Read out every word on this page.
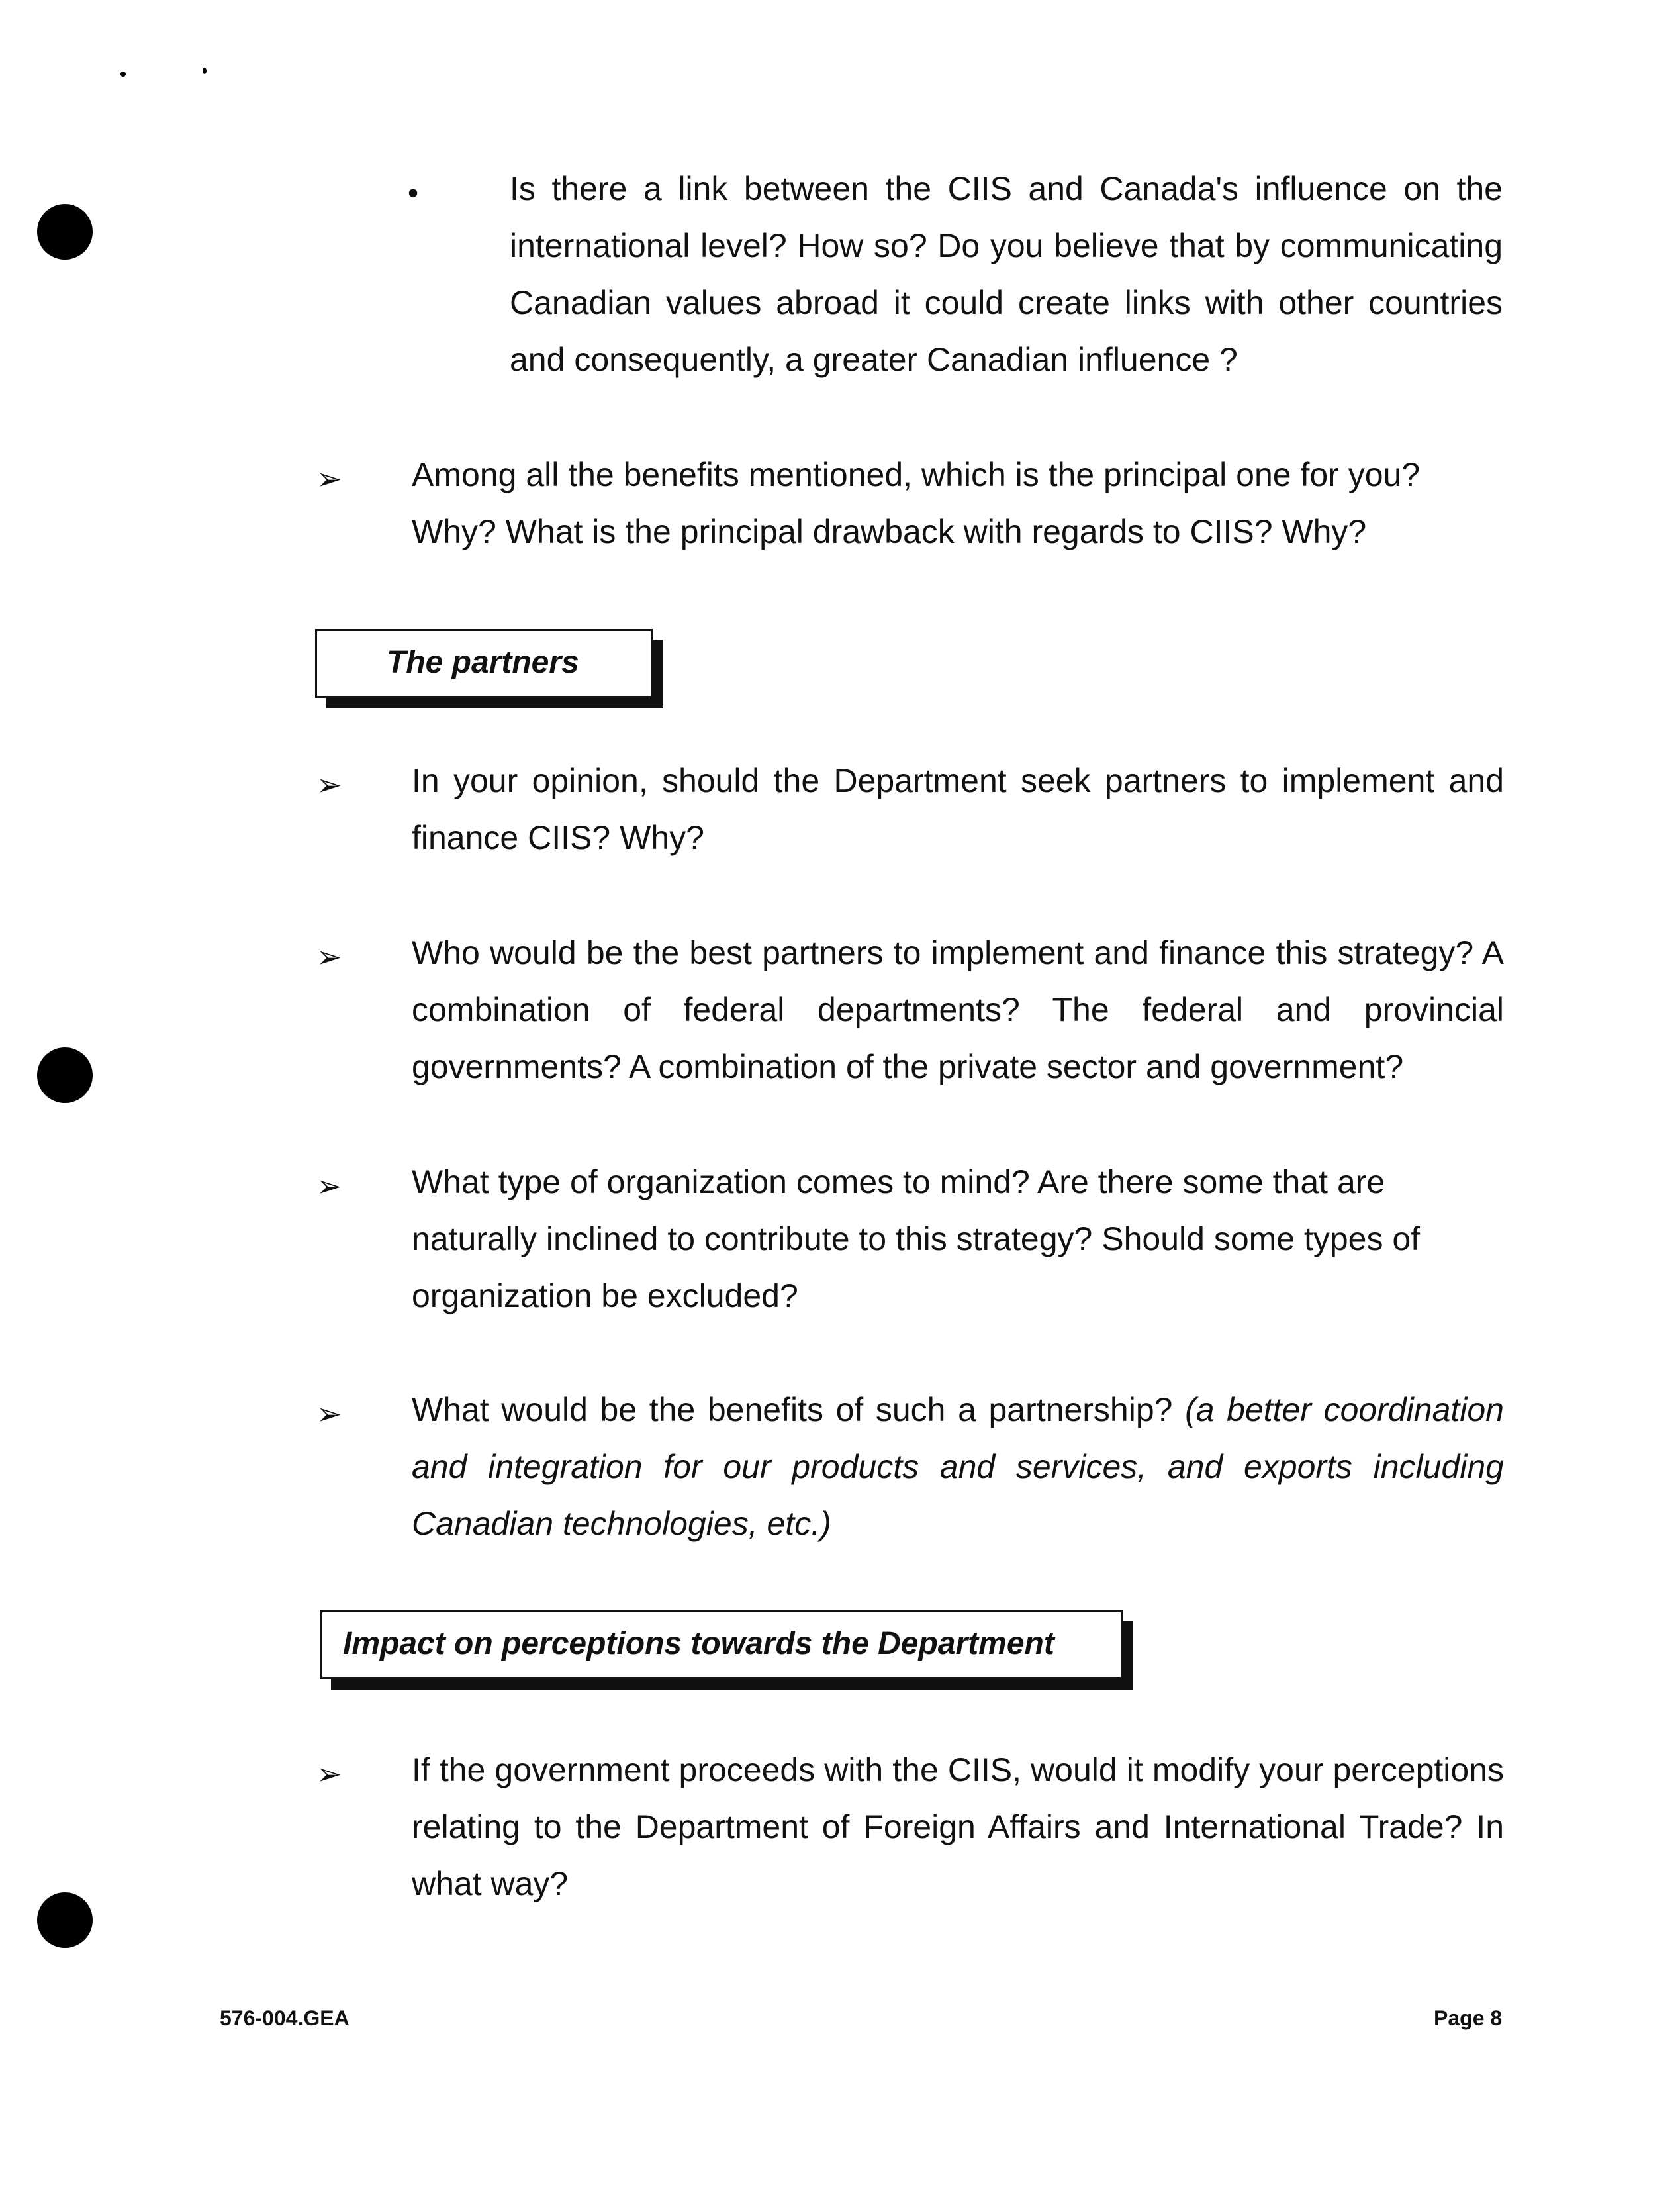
•	Is there a link between the CIIS and Canada's influence on the international level? How so? Do you believe that by communicating Canadian values abroad it could create links with other countries and consequently, a greater Canadian influence ?
➢ Among all the benefits mentioned, which is the principal one for you? Why? What is the principal drawback with regards to CIIS? Why?
The partners
➢ In your opinion, should the Department seek partners to implement and finance CIIS? Why?
➢ Who would be the best partners to implement and finance this strategy? A combination of federal departments? The federal and provincial governments? A combination of the private sector and government?
➢ What type of organization comes to mind? Are there some that are naturally inclined to contribute to this strategy? Should some types of organization be excluded?
➢ What would be the benefits of such a partnership? (a better coordination and integration for our products and services, and exports including Canadian technologies, etc.)
Impact on perceptions towards the Department
➢ If the government proceeds with the CIIS, would it modify your perceptions relating to the Department of Foreign Affairs and International Trade? In what way?
576-004.GEA	Page 8
